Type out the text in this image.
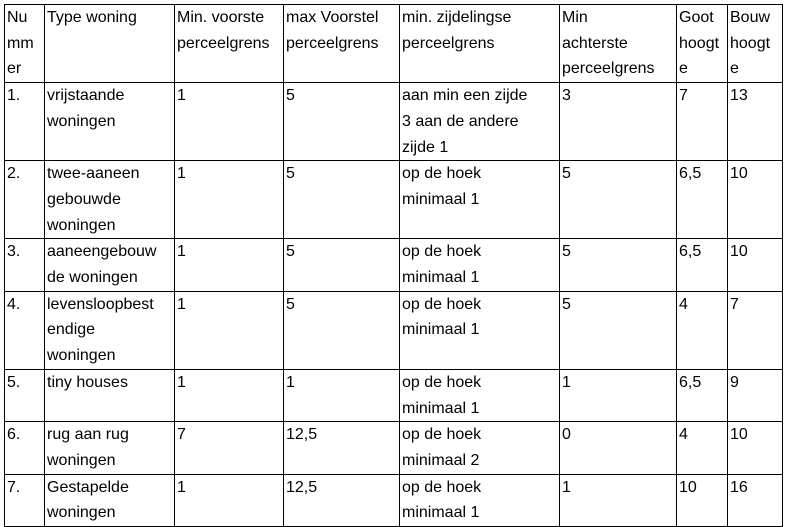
Nu
mm
er	Type woning	Min. voorste
perceelgrens	max Voorstel
perceelgrens	min. zijdelingse
perceelgrens	Min
achterste
perceelgrens	Goot
hoogt
e	Bouw
hoogt
e
1.	vrijstaande
woningen	1	5	aan min een zijde
3 aan de andere
zijde 1	3	7	13
2.	twee-aaneen
gebouwde
woningen	1	5	op de hoek
minimaal 1	5	6,5	10
3.	aaneengebouw
de woningen	1	5	op de hoek
minimaal 1	5	6,5	10
4.	levensloopbest
endige
woningen	1	5	op de hoek
minimaal 1	5	4	7
5.	tiny houses	1	1	op de hoek
minimaal 1	1	6,5	9
6.	rug aan rug
woningen	7	12,5	op de hoek
minimaal 2	0	4	10
7.	Gestapelde
woningen	1	12,5	op de hoek
minimaal 1	1	10	16
